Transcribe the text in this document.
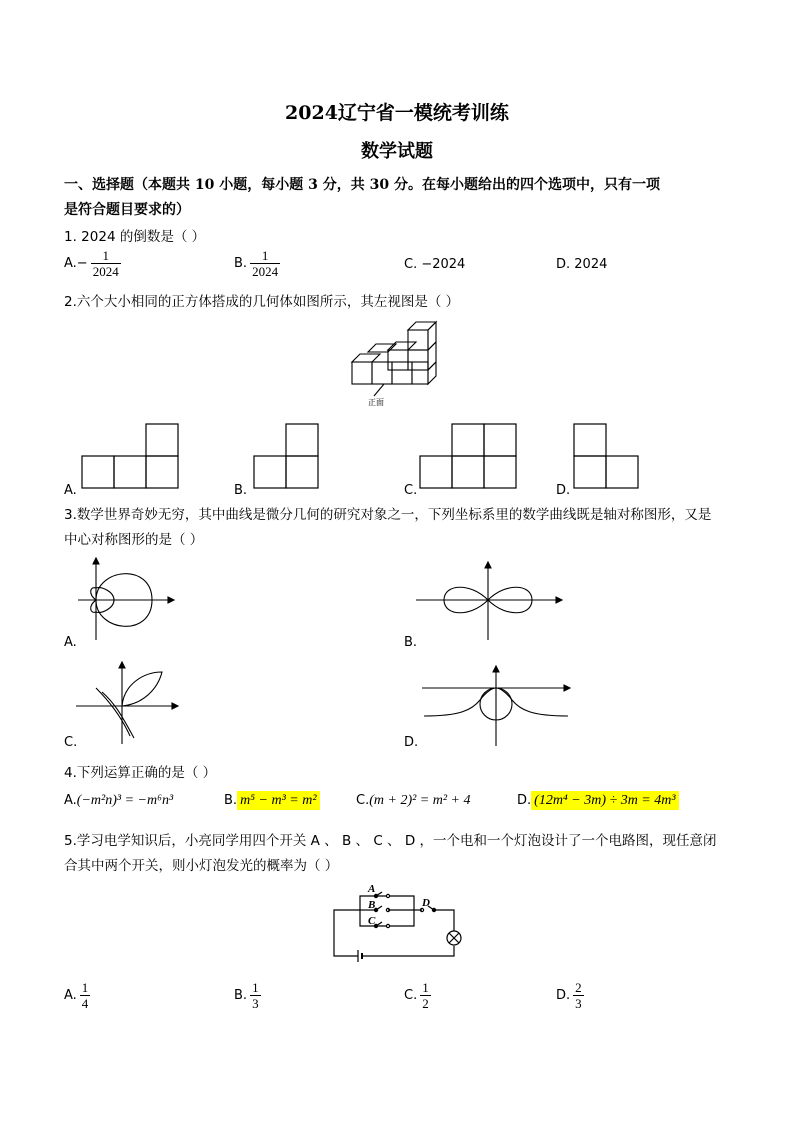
2024辽宁省一模统考训练
数学试题
一、选择题（本题共 10 小题，每小题 3 分，共 30 分。在每小题给出的四个选项中，只有一项
是符合题目要求的）
1. 2024 的倒数是（ ）
$A.- \frac{1}{2024}$	B. $\frac{1}{2024}$	C. −2024	D. 2024
2.六个大小相同的正方体搭成的几何体如图所示，其左视图是（ ）
正面
A.	B.	C.	D.
3.数学世界奇妙无穷，其中曲线是微分几何的研究对象之一，下列坐标系里的数学曲线既是轴对称图形，又是
中心对称图形的是（ ）
A.	B.
C.	D.
4.下列运算正确的是（ ）
A.(−m²n)³ = −m⁶n³	B. m⁵ − m³ = m²	C.(m + 2)² = m² + 4	D. (12m⁴ − 3m) ÷ 3m = 4m³
5.学习电学知识后，小亮同学用四个开关 A 、 B 、 C 、 D ，一个电和一个灯泡设计了一个电路图，现任意闭
合其中两个开关，则小灯泡发光的概率为（ ）
A
B
C
D
A. $\frac{1}{4}$	B. $\frac{1}{3}$	C. $\frac{1}{2}$	D. $\frac{2}{3}$
